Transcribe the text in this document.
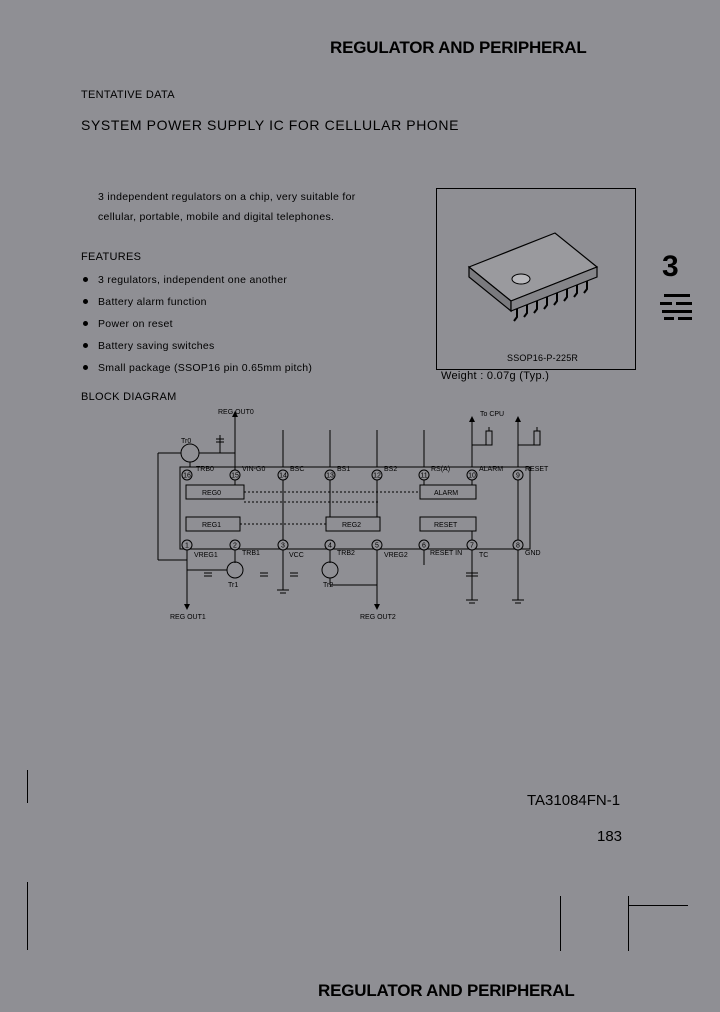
REGULATOR AND PERIPHERAL
TENTATIVE DATA
SYSTEM POWER SUPPLY IC FOR CELLULAR PHONE
3 independent regulators on a chip, very suitable for
cellular, portable, mobile and digital telephones.
FEATURES
3 regulators, independent one another
Battery alarm function
Power on reset
Battery saving switches
Small package (SSOP16 pin 0.65mm pitch)
SSOP16-P-225R
Weight : 0.07g (Typ.)
3
BLOCK DIAGRAM
16	15	14	13	12	11	10	9
1	2	3	4	5	6	7	8
TRB0	VIN-G0	BSC	BS1	BS2	RS(A)	ALARM	RESET
VREG1	TRB1	VCC	TRB2	VREG2	RESET IN TC	GND
REG0	ALARM
REG1	REG2	RESET
REG OUT0	To CPU
Tr0
Tr1	Tr2
REG OUT1	REG OUT2
TA31084FN-1
183
REGULATOR AND PERIPHERAL
